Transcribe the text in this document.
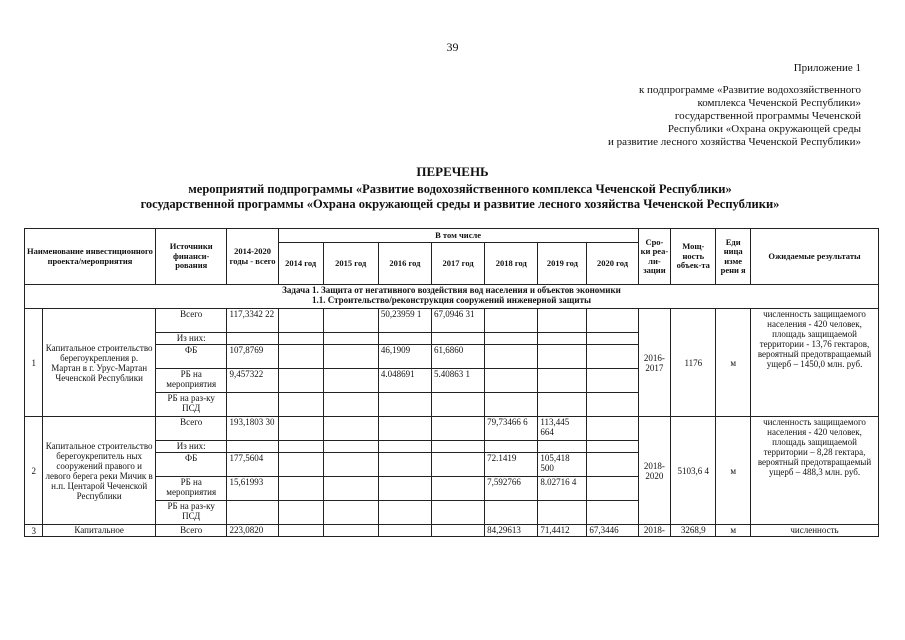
39
Приложение 1
к подпрограмме «Развитие водохозяйственного
комплекса Чеченской Республики»
государственной программы Чеченской
Республики «Охрана окружающей среды
и развитие лесного хозяйства Чеченской Республики»
ПЕРЕЧЕНЬ
мероприятий подпрограммы «Развитие водохозяйственного комплекса Чеченской Республики»
государственной программы «Охрана окружающей среды и развитие лесного хозяйства Чеченской Республики»
Наименование инвестиционного проекта/мероприятия		Источники финанси-рования	2014-2020 годы - всего	В том числе							Сро-ки реа-ли-зации	Мощ-ность объек-та	Еди ница изме рени я	Ожидаемые результаты
				2014 год	2015 год	2016 год	2017 год	2018 год	2019 год	2020 год				

Задача 1. Защита от негативного воздействия вод населения и объектов экономики
1.1. Строительство/реконструкция сооружений инженерной защиты														

1	Капитальное строительство берегоукрепления р. Мартан в г. Урус-Мартан Чеченской Республики	Всего	117,3342 22			50,23959 1	67,0946 31				2016-2017	1176	м	численность защищаемого населения - 420 человек, площадь защищаемой территории - 13,76 гектаров, вероятный предотвращаемый ущерб – 1450,0 млн. руб.
		Из них:												
		ФБ	107,8769			46,1909	61,6860							
		РБ на мероприятия	9,457322			4.048691	5.40863 1							
		РБ на раз-ку ПСД												
2	Капитальное строительство берегоукрепитель ных сооружений правого и левого берега реки Мичик в н.п. Центарой Чеченской Республики	Всего	193,1803 30					79,73466 6	113,445 664		2018-2020	5103,6 4	м	численность защищаемого населения - 420 человек, площадь защищаемой территории – 8,28 гектара, вероятный предотвращаемый ущерб – 488,3 млн. руб.
		Из них:												
		ФБ	177,5604					72.1419	105,418 500					
		РБ на мероприятия	15,61993					7,592766	8.02716 4					
		РБ на раз-ку ПСД												
3	Капитальное	Всего	223,0820					84,29613	71,4412	67,3446	2018-	3268,9	м	численность
